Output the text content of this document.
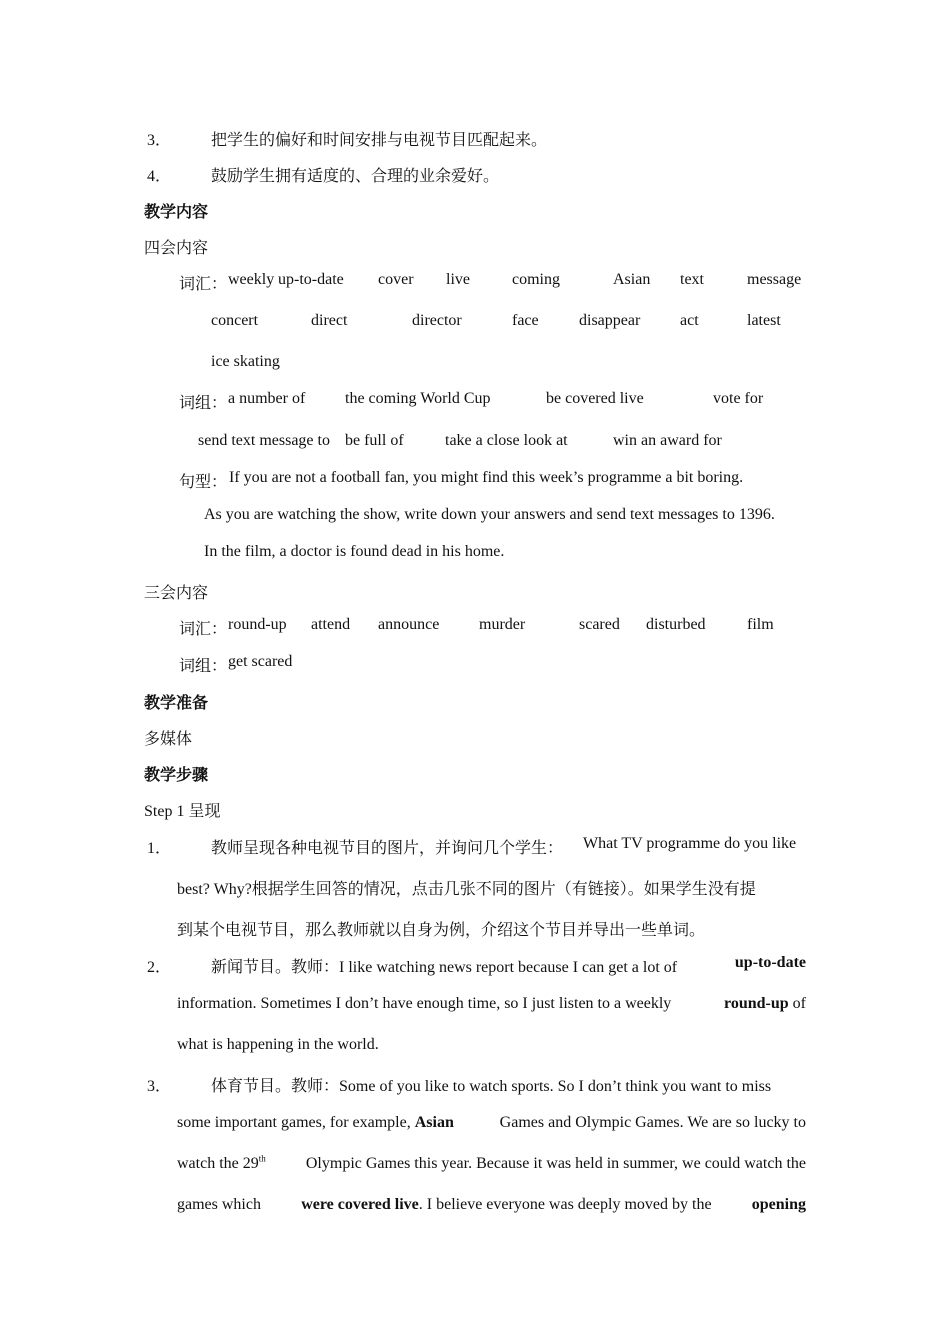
3． 把学生的偏好和时间安排与电视节目匹配起来。
4． 鼓励学生拥有适度的、合理的业余爱好。
教学内容
四会内容
词汇： weekly up-to-date cover live	coming	Asian text	message
concert	direct	director	face	disappear act	latest
ice skating
词组： a number of the coming World Cup	be covered live	vote for
send text message to be full of	take a close look at	win an award for
句型： If you are not a football fan, you might find this week’s programme a bit boring.
As you are watching the show, write down your answers and send text messages to 1396.
In the film, a doctor is found dead in his home.
三会内容
词汇： round-up attend announce murder	scared disturbed	film
词组： get scared
教学准备
多媒体
教学步骤
Step 1 呈现
1． 教师呈现各种电视节目的图片，并询问几个学生： What TV programme do you like
best? Why?根据学生回答的情况，点击几张不同的图片（有链接）。如果学生没有提
到某个电视节目，那么教师就以自身为例，介绍这个节目并导出一些单词。
2． 新闻节目。教师：I like watching news report because I can get a lot of	up-to-date
information. Sometimes I don’t have enough time, so I just listen to a weekly	round-up of
what is happening in the world.
3． 体育节目。教师：Some of you like to watch sports. So I don’t think you want to miss
some important games, for example, Asian	Games and Olympic Games. We are so lucky to
watch the 29th	Olympic Games this year. Because it was held in summer, we could watch the
games which	were covered live. I believe everyone was deeply moved by the	opening
